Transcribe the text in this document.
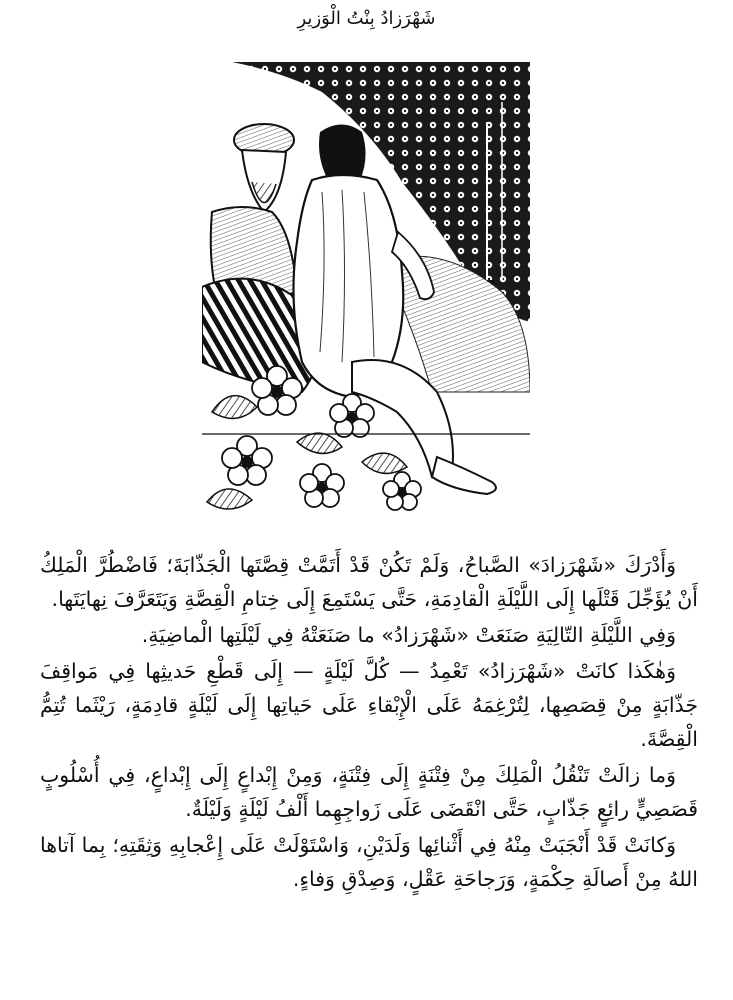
شَهْرَزادُ بِنْتُ الْوَزيرِ

وَأَدْرَكَ «شَهْرَزادَ» الصَّباحُ، وَلَمْ تَكُنْ قَدْ أَتَمَّتْ قِصَّتَها الْجَذّابَةَ؛ فَاضْطُرَّ الْمَلِكُ أَنْ يُؤَجِّلَ قَتْلَها إِلَى اللَّيْلَةِ الْقادِمَةِ، حَتَّى يَسْتَمِعَ إِلَى خِتامِ الْقِصَّةِ وَيَتَعَرَّفَ نِهايَتَها.

وَفِي اللَّيْلَةِ التّالِيَةِ صَنَعَتْ «شَهْرَزادُ» ما صَنَعَتْهُ فِي لَيْلَتِها الْماضِيَةِ.

وَهٰكَذا كانَتْ «شَهْرَزادُ» تَعْمِدُ — كُلَّ لَيْلَةٍ — إِلَى قَطْعِ حَديثِها فِي مَواقِفَ جَذّابَةٍ مِنْ قِصَصِها، لِتُرْغِمَهُ عَلَى الْإِبْقاءِ عَلَى حَياتِها إِلَى لَيْلَةٍ قادِمَةٍ، رَيْثَما تُتِمُّ الْقِصَّةَ.

وَما زالَتْ تَنْقُلُ الْمَلِكَ مِنْ فِتْنَةٍ إِلَى فِتْنَةٍ، وَمِنْ إِبْداعٍ إِلَى إِبْداعٍ، فِي أُسْلُوبٍ قَصَصِيٍّ رائِعٍ جَذّابٍ، حَتَّى انْقَضَى عَلَى زَواجِهِما أَلْفُ لَيْلَةٍ وَلَيْلَةٌ.

وَكانَتْ قَدْ أَنْجَبَتْ مِنْهُ فِي أَثْنائِها وَلَدَيْنِ، وَاسْتَوْلَتْ عَلَى إِعْجابِهِ وَثِقَتِهِ؛ بِما آتاها اللهُ مِنْ أَصالَةِ حِكْمَةٍ، وَرَجاحَةِ عَقْلٍ، وَصِدْقِ وَفاءٍ.
